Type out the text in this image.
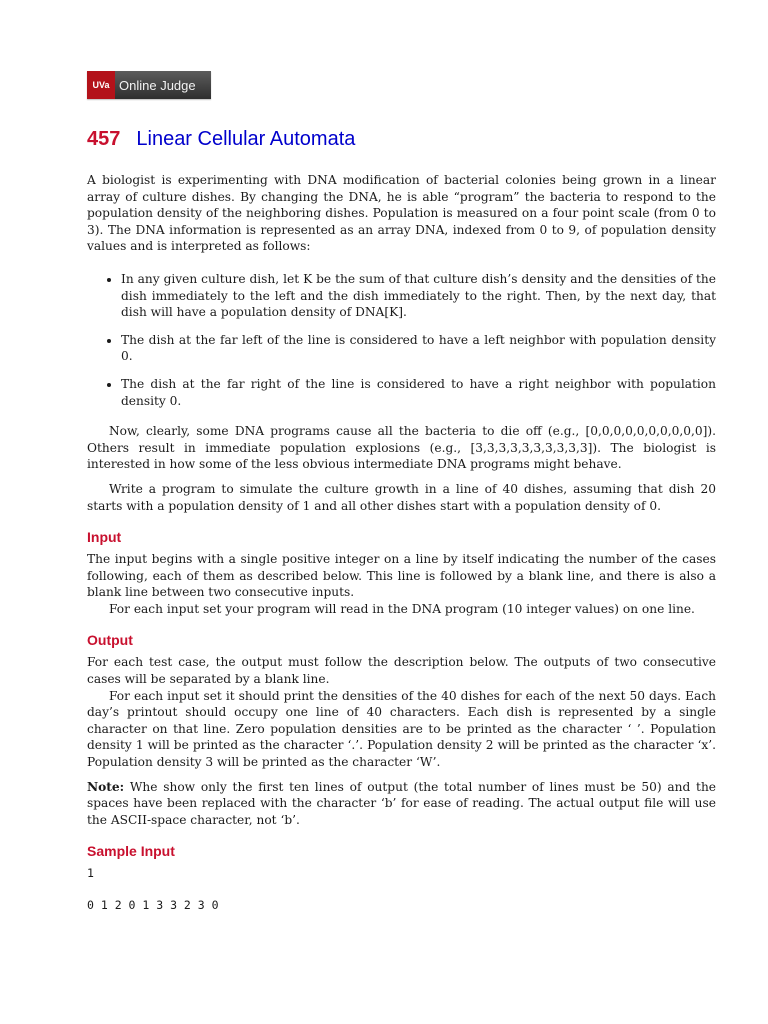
UVa Online Judge
457 Linear Cellular Automata

A biologist is experimenting with DNA modification of bacterial colonies being grown in a linear array of culture dishes. By changing the DNA, he is able “program” the bacteria to respond to the population density of the neighboring dishes. Population is measured on a four point scale (from 0 to 3). The DNA information is represented as an array DNA, indexed from 0 to 9, of population density values and is interpreted as follows:

• In any given culture dish, let K be the sum of that culture dish’s density and the densities of the dish immediately to the left and the dish immediately to the right. Then, by the next day, that dish will have a population density of DNA[K].
• The dish at the far left of the line is considered to have a left neighbor with population density 0.
• The dish at the far right of the line is considered to have a right neighbor with population density 0.

Now, clearly, some DNA programs cause all the bacteria to die off (e.g., [0,0,0,0,0,0,0,0,0,0]). Others result in immediate population explosions (e.g., [3,3,3,3,3,3,3,3,3,3]). The biologist is interested in how some of the less obvious intermediate DNA programs might behave.

Write a program to simulate the culture growth in a line of 40 dishes, assuming that dish 20 starts with a population density of 1 and all other dishes start with a population density of 0.

Input

The input begins with a single positive integer on a line by itself indicating the number of the cases following, each of them as described below. This line is followed by a blank line, and there is also a blank line between two consecutive inputs.

For each input set your program will read in the DNA program (10 integer values) on one line.

Output

For each test case, the output must follow the description below. The outputs of two consecutive cases will be separated by a blank line.

For each input set it should print the densities of the 40 dishes for each of the next 50 days. Each day’s printout should occupy one line of 40 characters. Each dish is represented by a single character on that line. Zero population densities are to be printed as the character ‘ ’. Population density 1 will be printed as the character ‘.’. Population density 2 will be printed as the character ‘x’. Population density 3 will be printed as the character ‘W’.

Note: Whe show only the first ten lines of output (the total number of lines must be 50) and the spaces have been replaced with the character ‘b’ for ease of reading. The actual output file will use the ASCII-space character, not ‘b’.

Sample Input
1
0 1 2 0 1 3 3 2 3 0
